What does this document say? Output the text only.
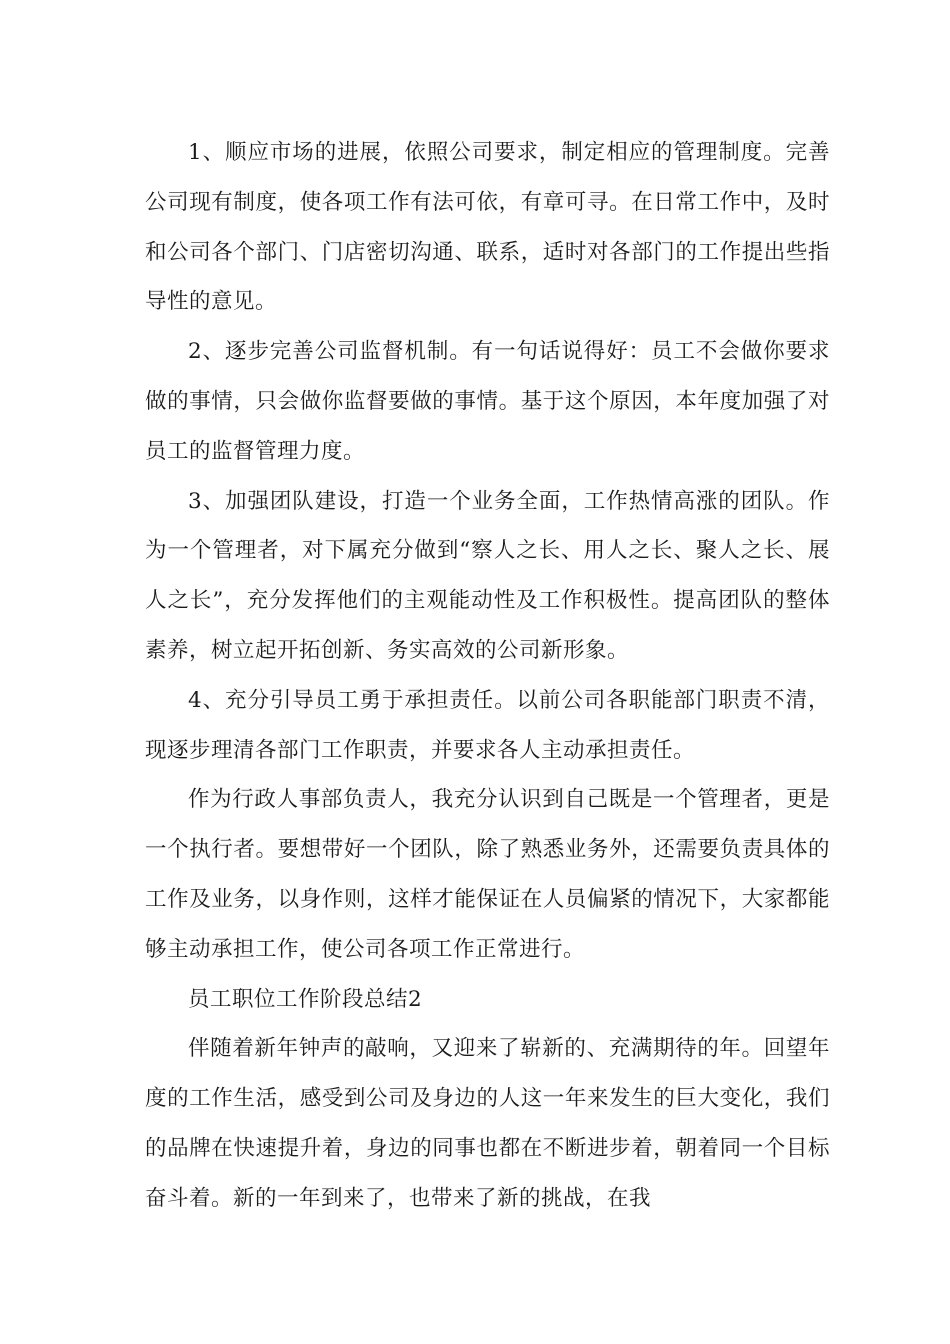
1、顺应市场的进展，依照公司要求，制定相应的管理制度。完善公司现有制度，使各项工作有法可依，有章可寻。在日常工作中，及时和公司各个部门、门店密切沟通、联系，适时对各部门的工作提出些指导性的意见。

2、逐步完善公司监督机制。有一句话说得好：员工不会做你要求做的事情，只会做你监督要做的事情。基于这个原因，本年度加强了对员工的监督管理力度。

3、加强团队建设，打造一个业务全面，工作热情高涨的团队。作为一个管理者，对下属充分做到“察人之长、用人之长、聚人之长、展人之长”，充分发挥他们的主观能动性及工作积极性。提高团队的整体素养，树立起开拓创新、务实高效的公司新形象。

4、充分引导员工勇于承担责任。以前公司各职能部门职责不清，现逐步理清各部门工作职责，并要求各人主动承担责任。

作为行政人事部负责人，我充分认识到自己既是一个管理者，更是一个执行者。要想带好一个团队，除了熟悉业务外，还需要负责具体的工作及业务，以身作则，这样才能保证在人员偏紧的情况下，大家都能够主动承担工作，使公司各项工作正常进行。

员工职位工作阶段总结2

伴随着新年钟声的敲响，又迎来了崭新的、充满期待的年。回望年度的工作生活，感受到公司及身边的人这一年来发生的巨大变化，我们的品牌在快速提升着，身边的同事也都在不断进步着，朝着同一个目标奋斗着。新的一年到来了，也带来了新的挑战，在我
